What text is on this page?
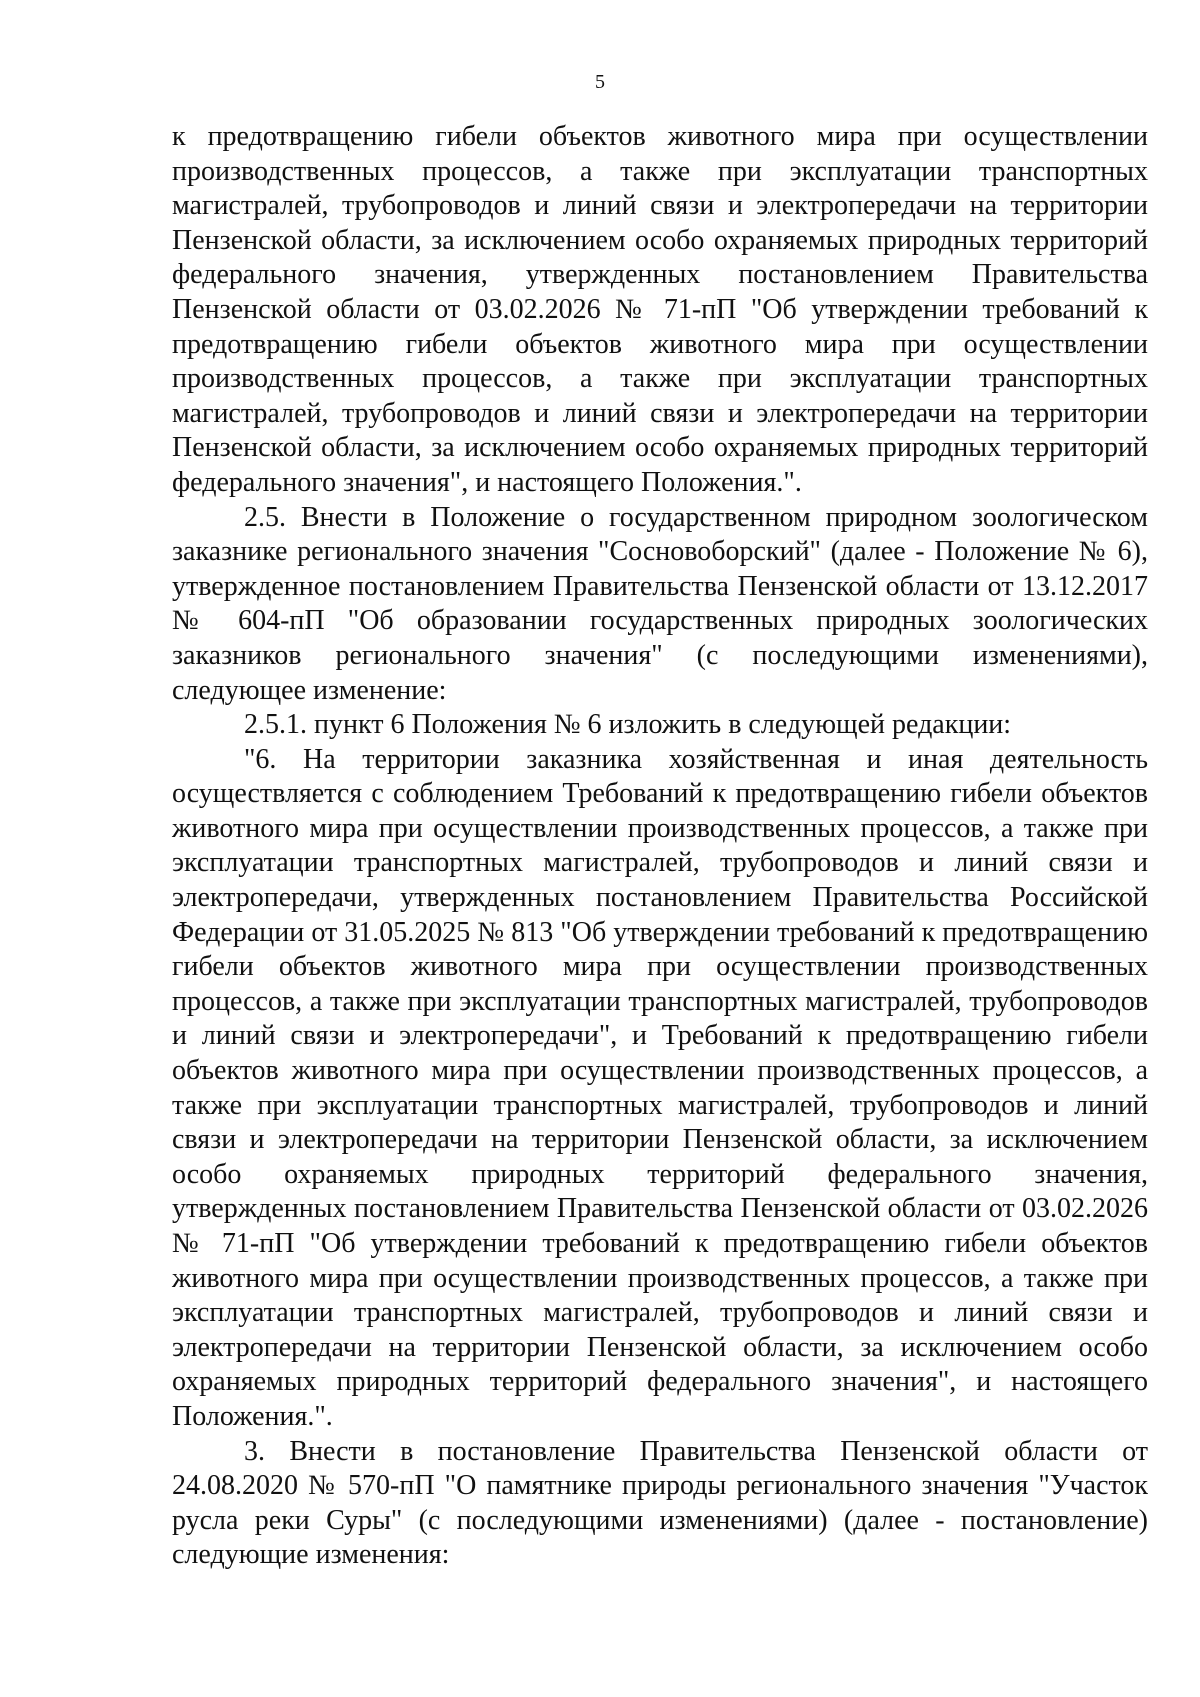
5

к предотвращению гибели объектов животного мира при осуществлении производственных процессов, а также при эксплуатации транспортных магистралей, трубопроводов и линий связи и электропередачи на территории Пензенской области, за исключением особо охраняемых природных территорий федерального значения, утвержденных постановлением Правительства Пензенской области от 03.02.2026 № 71-пП "Об утверждении требований к предотвращению гибели объектов животного мира при осуществлении производственных процессов, а также при эксплуатации транспортных магистралей, трубопроводов и линий связи и электропередачи на территории Пензенской области, за исключением особо охраняемых природных территорий федерального значения", и настоящего Положения.".

2.5. Внести в Положение о государственном природном зоологическом заказнике регионального значения "Сосновоборский" (далее - Положение № 6), утвержденное постановлением Правительства Пензенской области от 13.12.2017 № 604-пП "Об образовании государственных природных зоологических заказников регионального значения" (с последующими изменениями), следующее изменение:

2.5.1. пункт 6 Положения № 6 изложить в следующей редакции:

"6. На территории заказника хозяйственная и иная деятельность осуществляется с соблюдением Требований к предотвращению гибели объектов животного мира при осуществлении производственных процессов, а также при эксплуатации транспортных магистралей, трубопроводов и линий связи и электропередачи, утвержденных постановлением Правительства Российской Федерации от 31.05.2025 № 813 "Об утверждении требований к предотвращению гибели объектов животного мира при осуществлении производственных процессов, а также при эксплуатации транспортных магистралей, трубопроводов и линий связи и электропередачи", и Требований к предотвращению гибели объектов животного мира при осуществлении производственных процессов, а также при эксплуатации транспортных магистралей, трубопроводов и линий связи и электропередачи на территории Пензенской области, за исключением особо охраняемых природных территорий федерального значения, утвержденных постановлением Правительства Пензенской области от 03.02.2026 № 71-пП "Об утверждении требований к предотвращению гибели объектов животного мира при осуществлении производственных процессов, а также при эксплуатации транспортных магистралей, трубопроводов и линий связи и электропередачи на территории Пензенской области, за исключением особо охраняемых природных территорий федерального значения", и настоящего Положения.".

3. Внести в постановление Правительства Пензенской области от 24.08.2020 № 570-пП "О памятнике природы регионального значения "Участок русла реки Суры" (с последующими изменениями) (далее - постановление) следующие изменения:
